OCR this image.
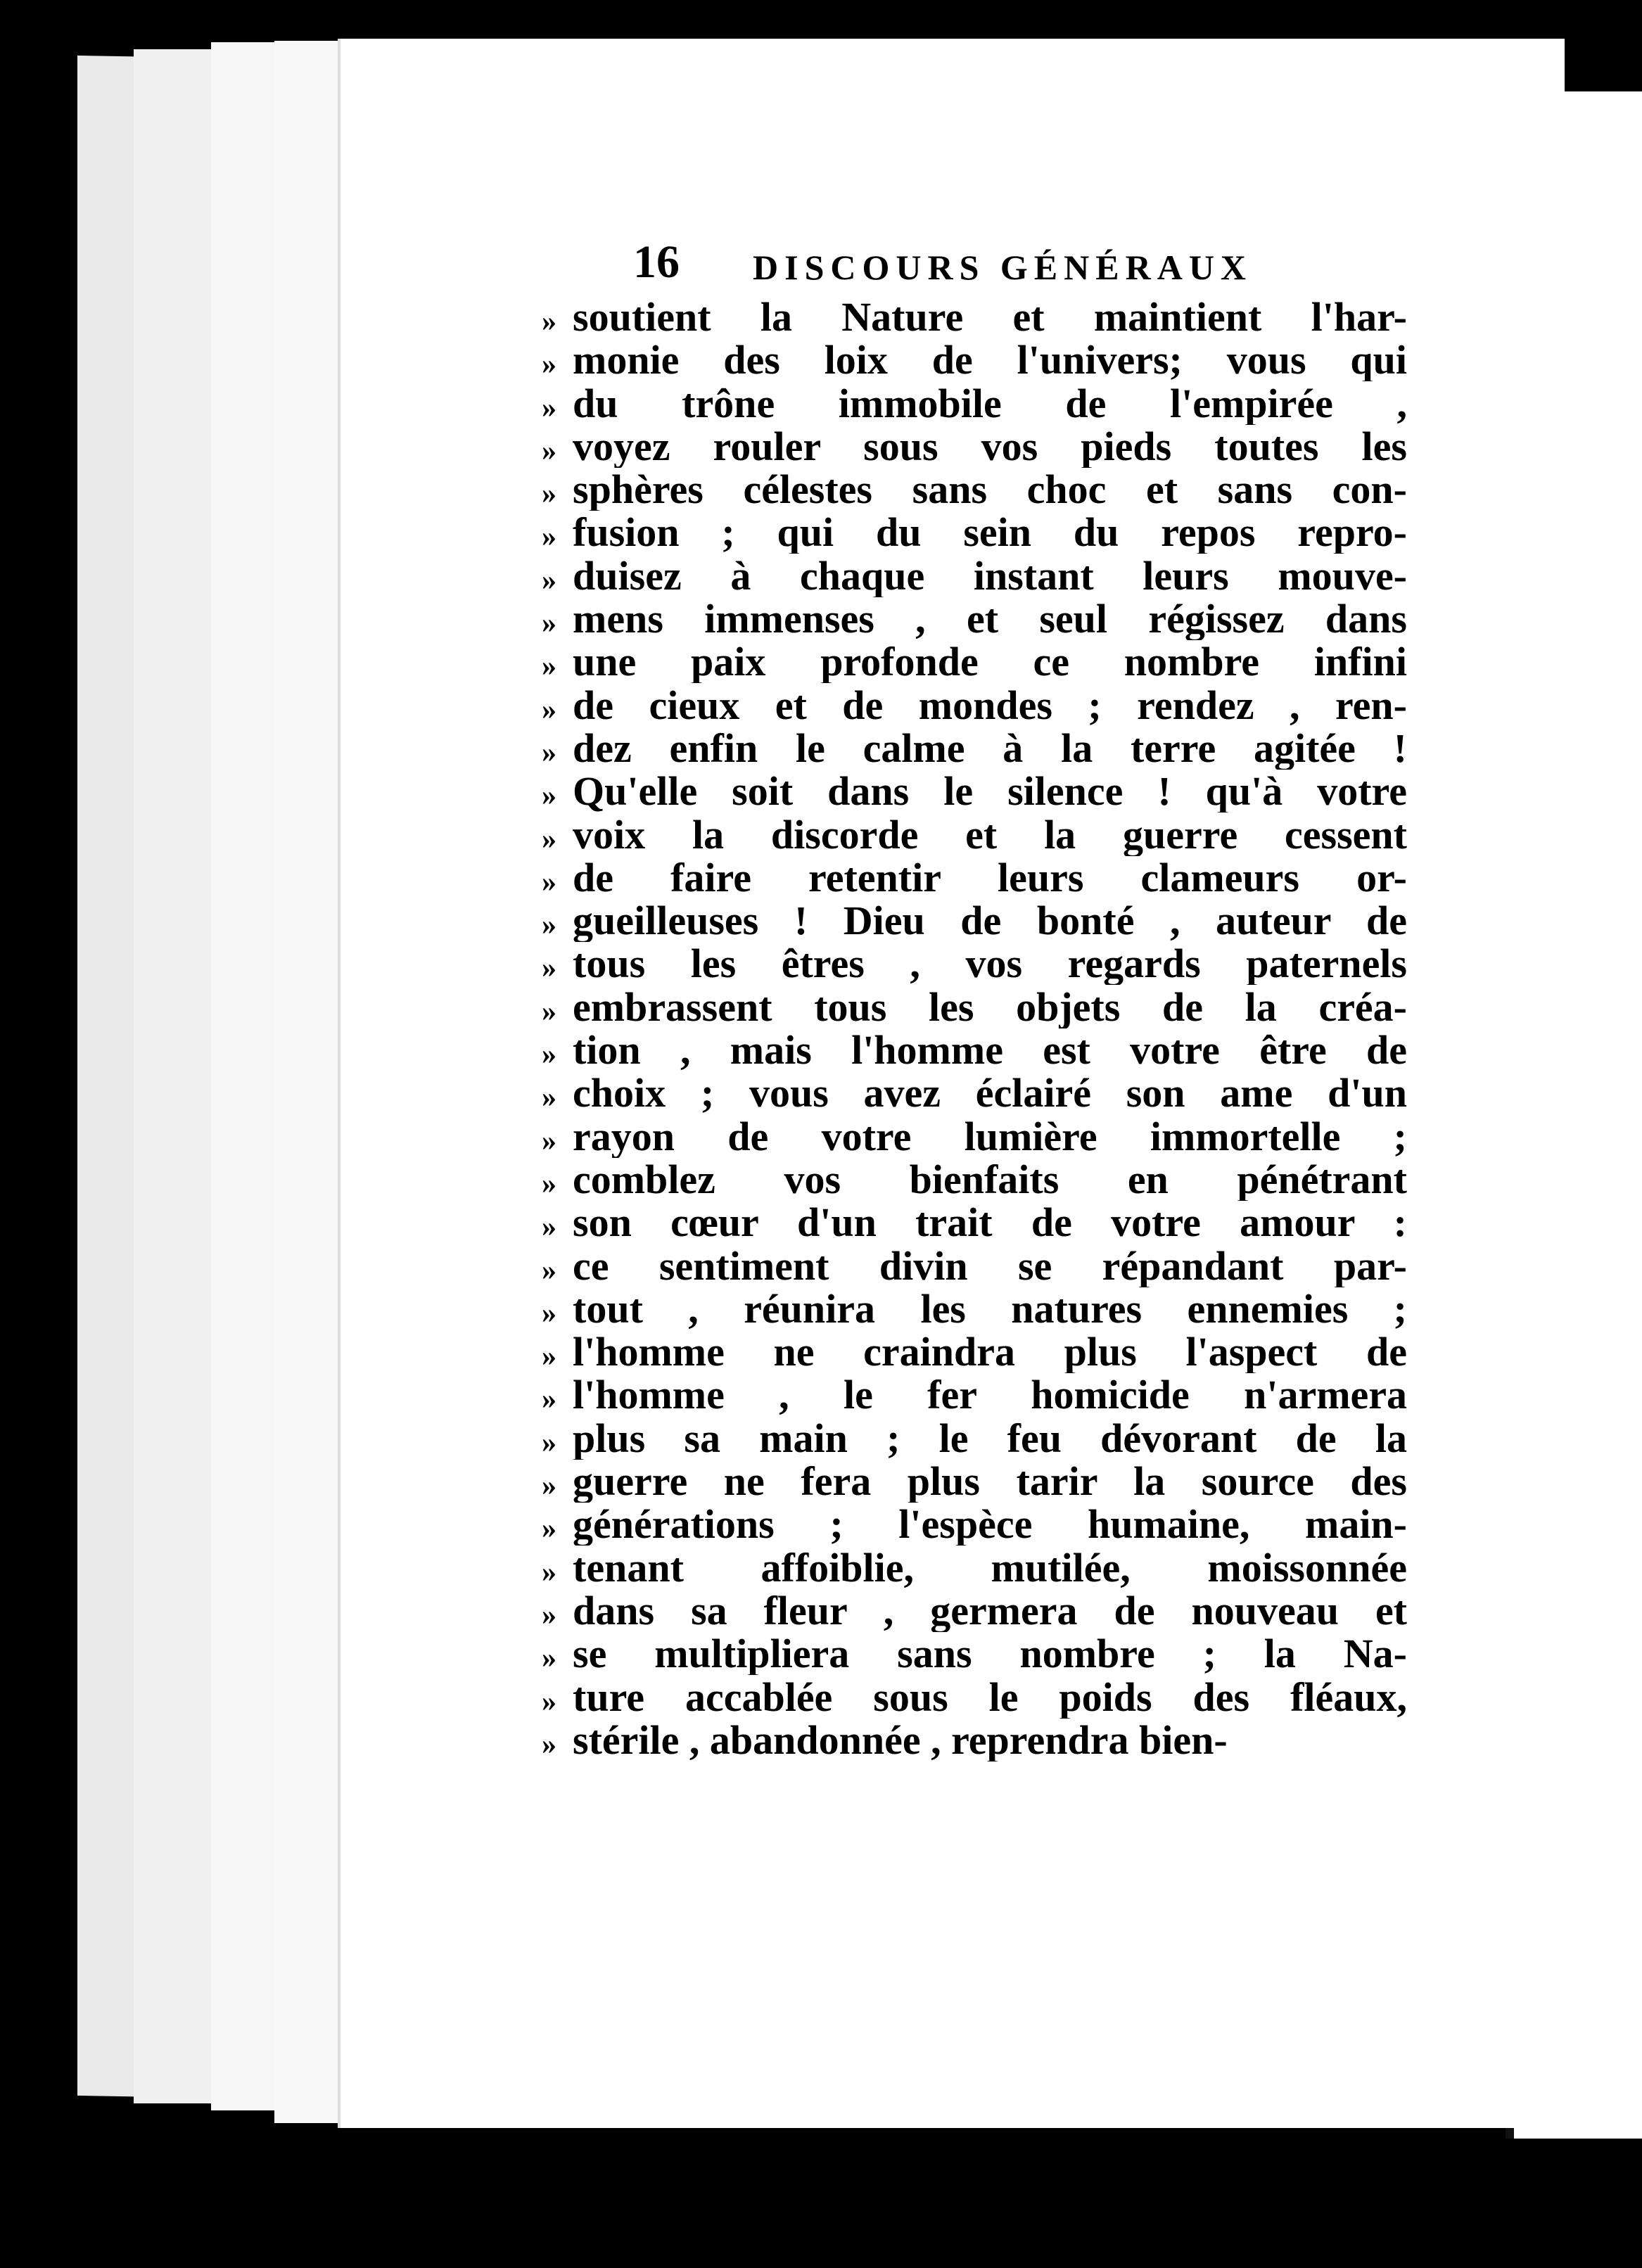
16 DISCOURS GÉNÉRAUX
» soutient la Nature et maintient l'har-
» monie des loix de l'univers; vous qui
» du trône immobile de l'empirée ,
» voyez rouler sous vos pieds toutes les
» sphères célestes sans choc et sans con-
» fusion ; qui du sein du repos repro-
» duisez à chaque instant leurs mouve-
» mens immenses , et seul régissez dans
» une paix profonde ce nombre infini
» de cieux et de mondes ; rendez , ren-
» dez enfin le calme à la terre agitée !
» Qu'elle soit dans le silence ! qu'à votre
» voix la discorde et la guerre cessent
» de faire retentir leurs clameurs or-
» gueilleuses ! Dieu de bonté , auteur de
» tous les êtres , vos regards paternels
» embrassent tous les objets de la créa-
» tion , mais l'homme est votre être de
» choix ; vous avez éclairé son ame d'un
» rayon de votre lumière immortelle ;
» comblez vos bienfaits en pénétrant
» son cœur d'un trait de votre amour :
» ce sentiment divin se répandant par-
» tout , réunira les natures ennemies ;
» l'homme ne craindra plus l'aspect de
» l'homme , le fer homicide n'armera
» plus sa main ; le feu dévorant de la
» guerre ne fera plus tarir la source des
» générations ; l'espèce humaine, main-
» tenant affoiblie, mutilée, moissonnée
» dans sa fleur , germera de nouveau et
» se multipliera sans nombre ; la Na-
» ture accablée sous le poids des fléaux,
» stérile , abandonnée , reprendra bien-
